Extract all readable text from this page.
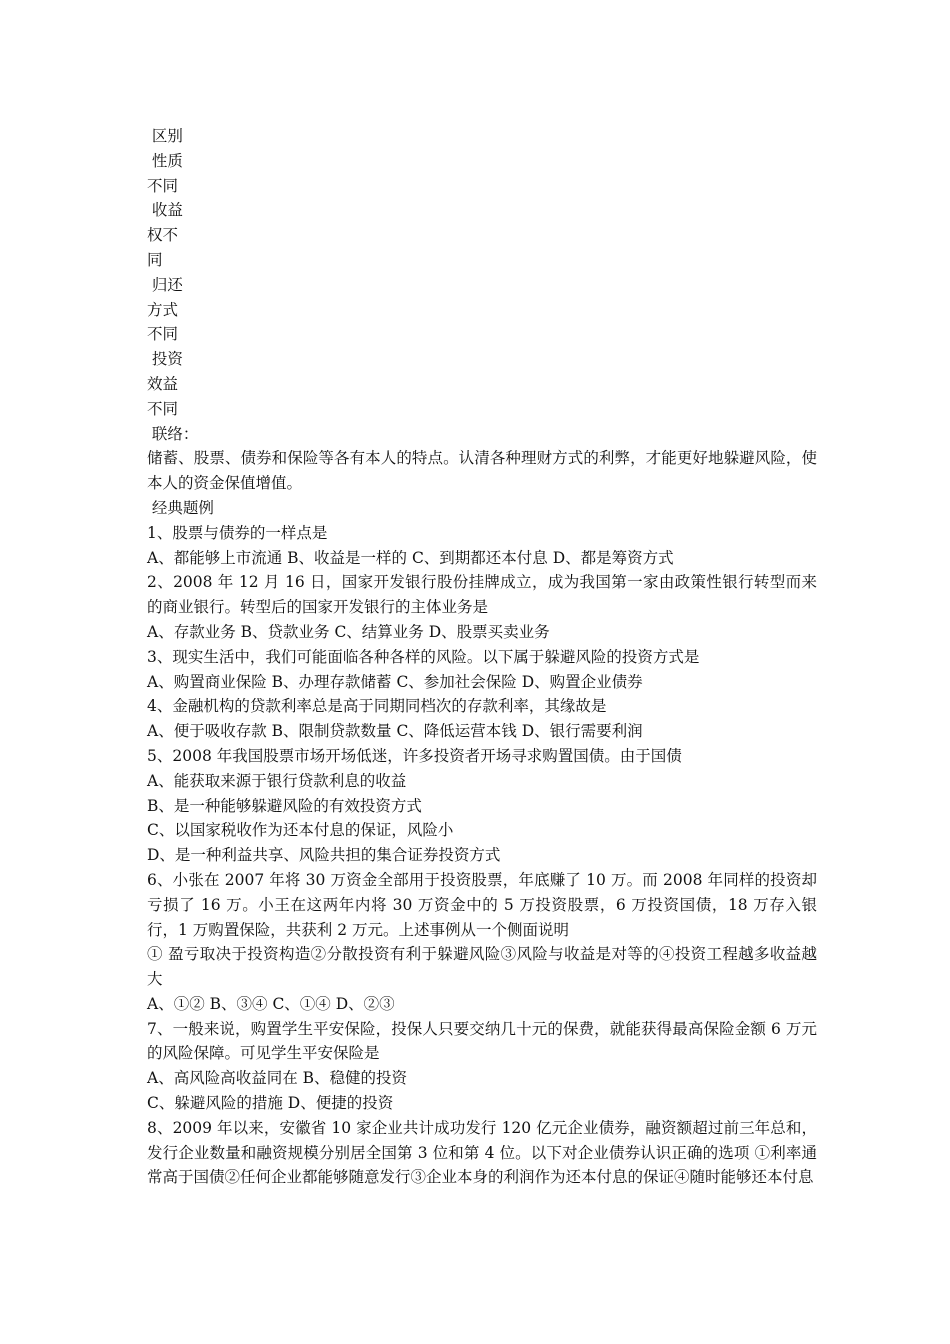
区别

性质

不同

收益

权不

同

归还

方式

不同

投资

效益

不同

联络：

储蓄、股票、债券和保险等各有本人的特点。认清各种理财方式的利弊，才能更好地躲避风险，使本人的资金保值增值。

经典题例

1、股票与债券的一样点是

A、都能够上市流通 B、收益是一样的 C、到期都还本付息 D、都是筹资方式

2、2008 年 12 月 16 日，国家开发银行股份挂牌成立，成为我国第一家由政策性银行转型而来的商业银行。转型后的国家开发银行的主体业务是

A、存款业务 B、贷款业务 C、结算业务 D、股票买卖业务

3、现实生活中，我们可能面临各种各样的风险。以下属于躲避风险的投资方式是

A、购置商业保险 B、办理存款储蓄 C、参加社会保险 D、购置企业债券

4、金融机构的贷款利率总是高于同期同档次的存款利率，其缘故是

A、便于吸收存款 B、限制贷款数量 C、降低运营本钱 D、银行需要利润

5、2008 年我国股票市场开场低迷，许多投资者开场寻求购置国债。由于国债

A、能获取来源于银行贷款利息的收益

B、是一种能够躲避风险的有效投资方式

C、以国家税收作为还本付息的保证，风险小

D、是一种利益共享、风险共担的集合证券投资方式

6、小张在 2007 年将 30 万资金全部用于投资股票，年底赚了 10 万。而 2008 年同样的投资却亏损了 16 万。小王在这两年内将 30 万资金中的 5 万投资股票，6 万投资国债，18 万存入银行，1 万购置保险，共获利 2 万元。上述事例从一个侧面说明

① 盈亏取决于投资构造②分散投资有利于躲避风险③风险与收益是对等的④投资工程越多收益越大

A、①② B、③④ C、①④ D、②③

7、一般来说，购置学生平安保险，投保人只要交纳几十元的保费，就能获得最高保险金额 6 万元的风险保障。可见学生平安保险是

A、高风险高收益同在 B、稳健的投资

C、躲避风险的措施 D、便捷的投资

8、2009 年以来，安徽省 10 家企业共计成功发行 120 亿元企业债券，融资额超过前三年总和，发行企业数量和融资规模分别居全国第 3 位和第 4 位。以下对企业债券认识正确的选项 ①利率通常高于国债②任何企业都能够随意发行③企业本身的利润作为还本付息的保证④随时能够还本付息
